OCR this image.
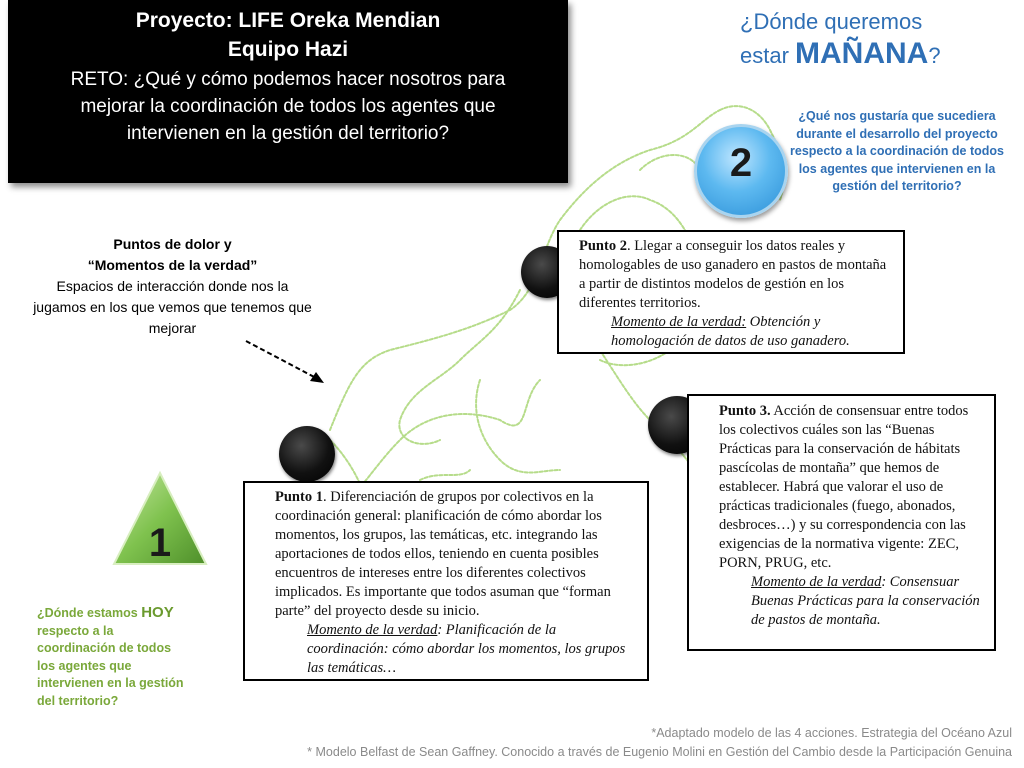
Proyecto: LIFE Oreka Mendian
Equipo Hazi
RETO: ¿Qué y cómo podemos hacer nosotros para mejorar la coordinación de todos los agentes que intervienen en la gestión del territorio?
¿Dónde queremos
estar MAÑANA?
¿Qué nos gustaría que sucediera durante el desarrollo del proyecto respecto a la coordinación de todos los agentes que intervienen en la gestión del territorio?
2
Puntos de dolor y
“Momentos de la verdad”
Espacios de interacción donde nos la jugamos en los que vemos que tenemos que mejorar
1
¿Dónde estamos HOY
respecto a la coordinación de todos los agentes que intervienen en la gestión del territorio?
Punto 2. Llegar a conseguir los datos reales y homologables de uso ganadero en pastos de montaña a partir de distintos modelos de gestión en los diferentes territorios.
Momento de la verdad: Obtención y homologación de datos de uso ganadero.
Punto 3. Acción de consensuar entre todos los colectivos cuáles son las “Buenas Prácticas para la conservación de hábitats pascícolas de montaña” que hemos de establecer. Habrá que valorar el uso de prácticas tradicionales (fuego, abonados, desbroces…) y su correspondencia con las exigencias de la normativa vigente: ZEC, PORN, PRUG, etc.
Momento de la verdad: Consensuar Buenas Prácticas para la conservación de pastos de montaña.
Punto 1. Diferenciación de grupos por colectivos en la coordinación general: planificación de cómo abordar los momentos, los grupos, las temáticas, etc. integrando las aportaciones de todos ellos, teniendo en cuenta posibles encuentros de intereses entre los diferentes colectivos implicados. Es importante que todos asuman que “forman parte” del proyecto desde su inicio.
Momento de la verdad: Planificación de la coordinación: cómo abordar los momentos, los grupos las temáticas…
*Adaptado modelo de las 4 acciones. Estrategia del Océano Azul
* Modelo Belfast de Sean Gaffney. Conocido a través de Eugenio Molini en Gestión del Cambio desde la Participación Genuina
